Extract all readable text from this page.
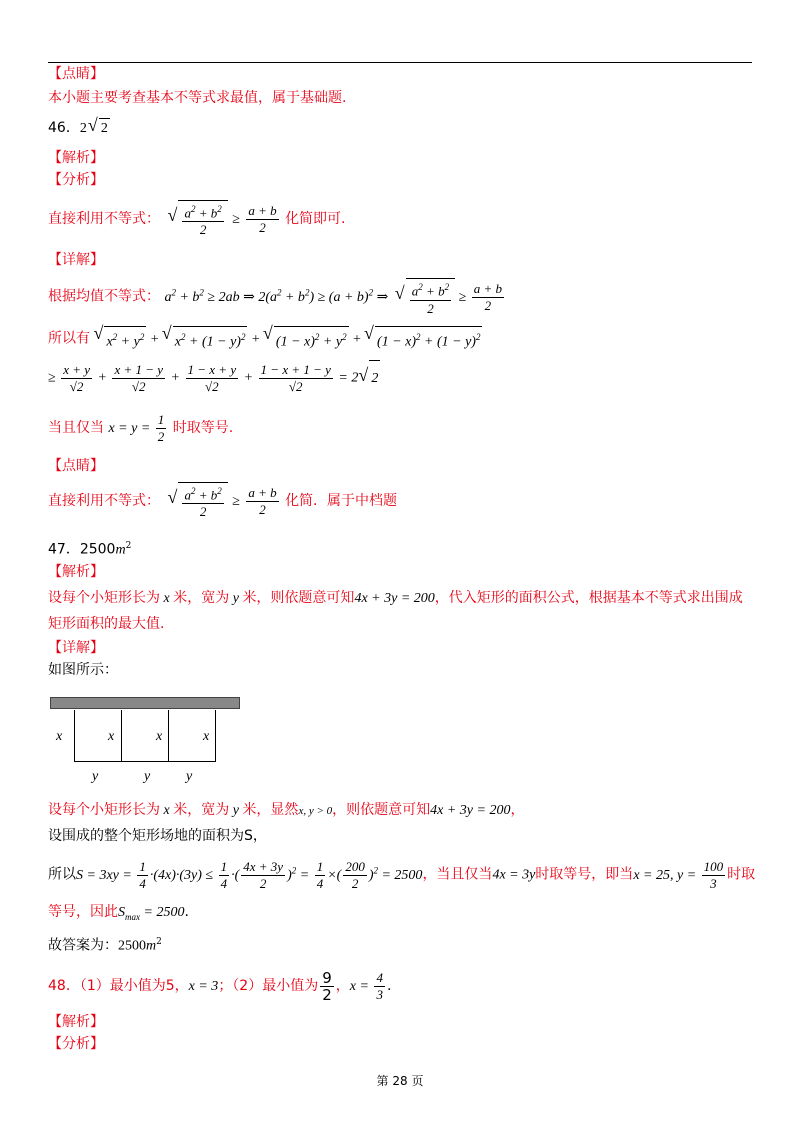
【点睛】
本小题主要考查基本不等式求最值，属于基础题.
46．2√ 2
【解析】
【分析】
直接利用不等式：
√ $\frac{a^2 + b^2}{2} \ge \frac{a + b}{2}$ 化简即可.
【详解】
根据均值不等式： $a^2 + b^2 \ge 2ab$ ⇒ $2(a^2 + b^2) \ge (a + b)^2$ ⇒
√ $\frac{a^2 + b^2}{2} \ge \frac{a + b}{2}$
所以有 √ $x^2 + y^2$ + √ $x^2 + (1 - y)^2$ + √ $(1 - x)^2 + y^2$ + √ $(1 - x)^2 + (1 - y)^2$
≥ $\frac{x + y}{√2} + \frac{x + 1 - y}{√2} + \frac{1 - x + y}{√2} + \frac{1 - x + 1 - y}{√2} = 2√$ 2
当且仅当 $x = y = \frac{1}{2}$ 时取等号.
【点睛】
直接利用不等式：
√ $\frac{a^2 + b^2}{2} \ge \frac{a + b}{2}$ 化简．属于中档题
47．$2500m^2$
【解析】
设每个小矩形长为 x 米，宽为 y 米，则依题意可知4x + 3y = 200，代入矩形的面积公式，根据基本不等式求出围成
矩形面积的最大值.
【详解】
如图所示：
x	x	x	x
y	y	y
设每个小矩形长为 x 米，宽为 y 米，显然x, y > 0，则依题意可知4x + 3y = 200，
设围成的整个矩形场地的面积为S，
所以$S = 3xy = \frac{1}{4} \cdot(4x)\cdot(3y) \le \frac{1}{4}$ ·( $\frac{4x + 3y}{2} )^2 = \frac{1}{4}$ ×( $\frac{200}{2} )^2 = 2500$，当且仅当4x = 3y时取等号，即当x = 25, $y = \frac{100}{3}$ 时取
等号，因此$S_{max} = 2500$.
故答案为：$2500m^2$
48．（1）最小值为5，x = 3；（2）最小值为 $\frac{9}{2}$ ，$x = \frac{4}{3}$ .
【解析】
【分析】
第 28 页
